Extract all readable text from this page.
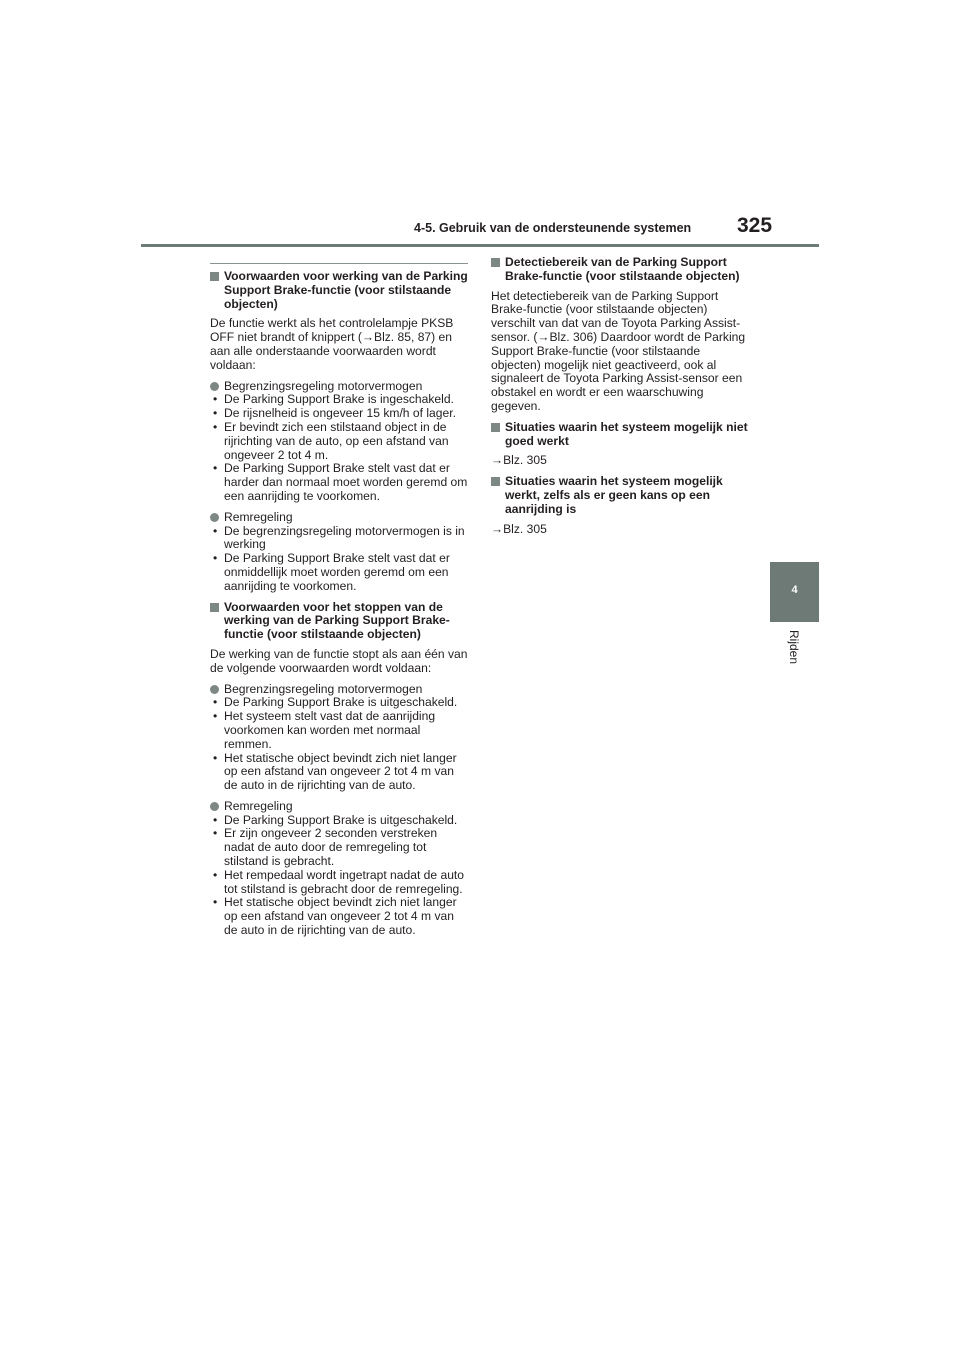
4-5. Gebruik van de ondersteunende systemen 325
4
Rijden
Voorwaarden voor werking van de Parking Support Brake-functie (voor stilstaande objecten)

De functie werkt als het controlelampje PKSB OFF niet brandt of knippert (→Blz. 85, 87) en aan alle onderstaande voorwaarden wordt voldaan:

Begrenzingsregeling motorvermogen
• De Parking Support Brake is ingeschakeld.
• De rijsnelheid is ongeveer 15 km/h of lager.
• Er bevindt zich een stilstaand object in de rijrichting van de auto, op een afstand van ongeveer 2 tot 4 m.
• De Parking Support Brake stelt vast dat er harder dan normaal moet worden geremd om een aanrijding te voorkomen.
Remregeling
• De begrenzingsregeling motorvermogen is in werking
• De Parking Support Brake stelt vast dat er onmiddellijk moet worden geremd om een aanrijding te voorkomen.
Voorwaarden voor het stoppen van de werking van de Parking Support Brake-functie (voor stilstaande objecten)

De werking van de functie stopt als aan één van de volgende voorwaarden wordt voldaan:

Begrenzingsregeling motorvermogen
• De Parking Support Brake is uitgeschakeld.
• Het systeem stelt vast dat de aanrijding voorkomen kan worden met normaal remmen.
• Het statische object bevindt zich niet langer op een afstand van ongeveer 2 tot 4 m van de auto in de rijrichting van de auto.
Remregeling
• De Parking Support Brake is uitgeschakeld.
• Er zijn ongeveer 2 seconden verstreken nadat de auto door de remregeling tot stilstand is gebracht.
• Het rempedaal wordt ingetrapt nadat de auto tot stilstand is gebracht door de remregeling.
• Het statische object bevindt zich niet langer op een afstand van ongeveer 2 tot 4 m van de auto in de rijrichting van de auto.
Detectiebereik van de Parking Support Brake-functie (voor stilstaande objecten)

Het detectiebereik van de Parking Support Brake-functie (voor stilstaande objecten) verschilt van dat van de Toyota Parking Assist-sensor. (→Blz. 306) Daardoor wordt de Parking Support Brake-functie (voor stilstaande objecten) mogelijk niet geactiveerd, ook al signaleert de Toyota Parking Assist-sensor een obstakel en wordt er een waarschuwing gegeven.

Situaties waarin het systeem mogelijk niet goed werkt

→Blz. 305

Situaties waarin het systeem mogelijk werkt, zelfs als er geen kans op een aanrijding is

→Blz. 305
